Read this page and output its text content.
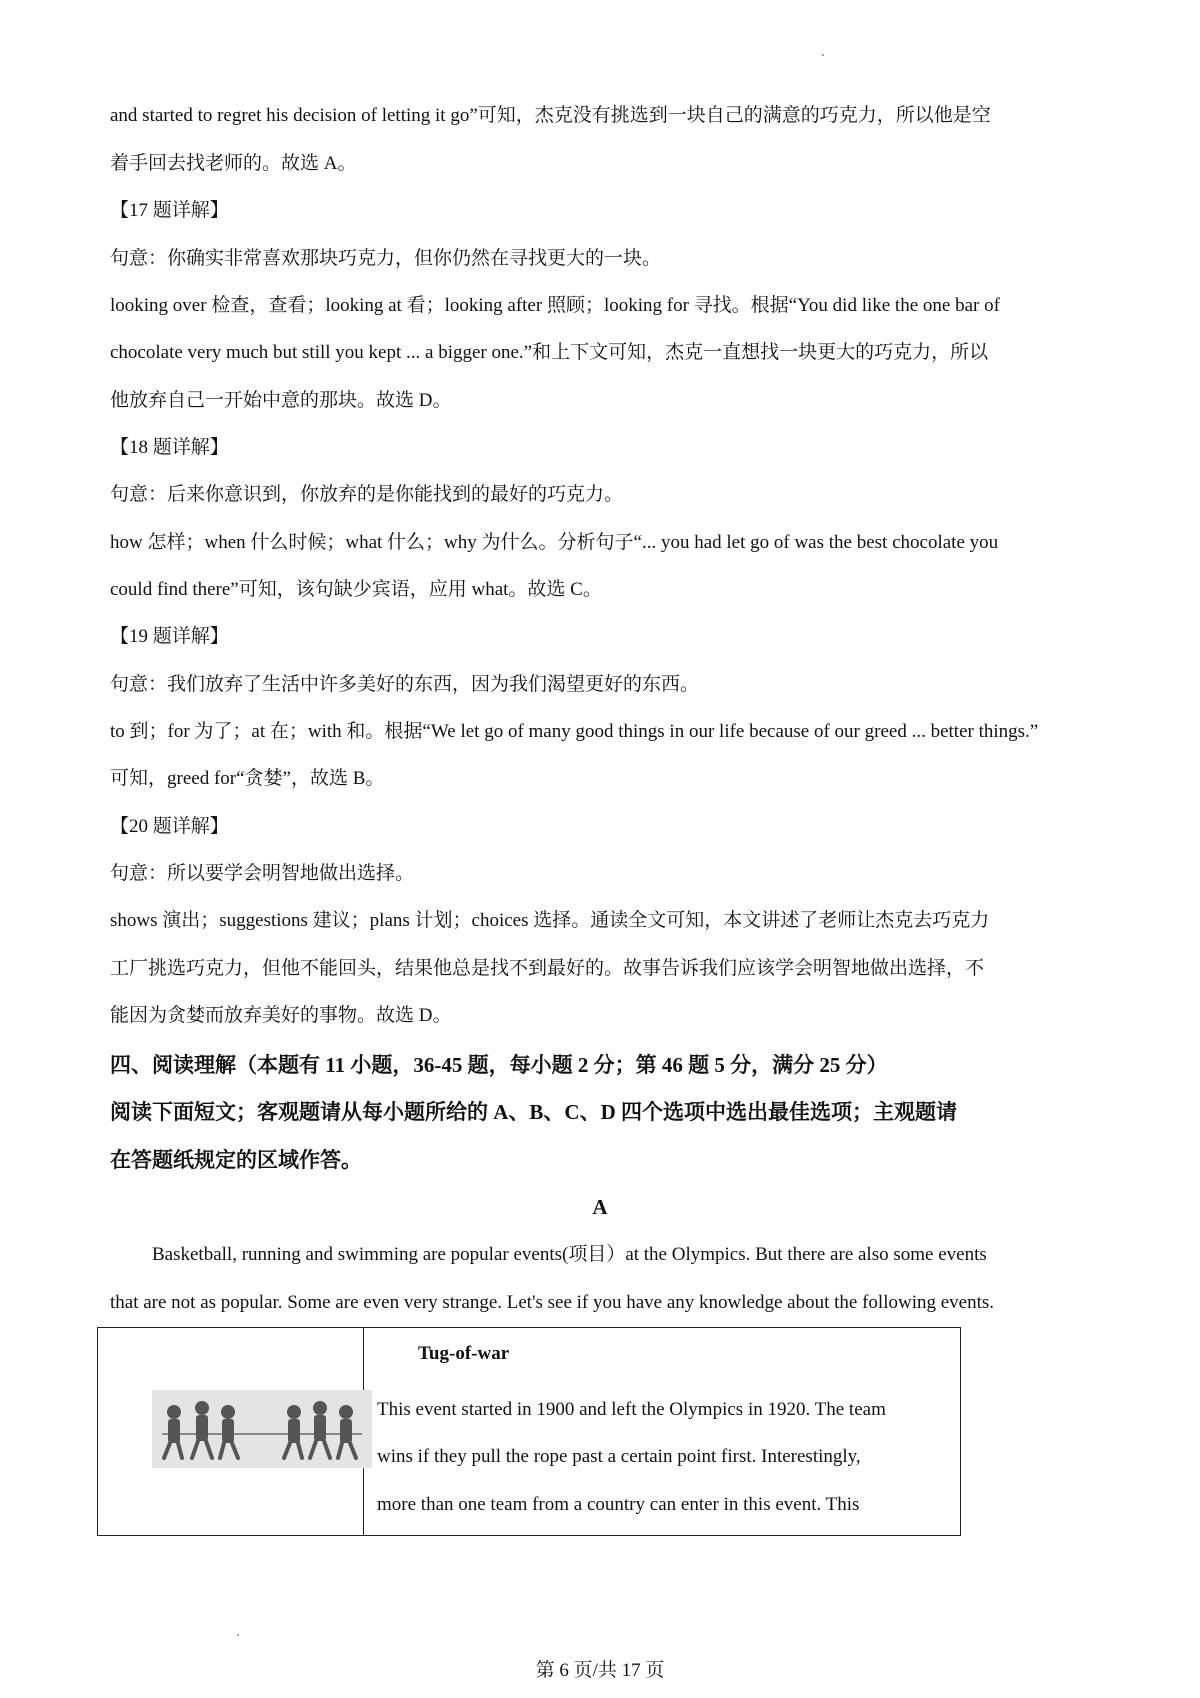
and started to regret his decision of letting it go”可知，杰克没有挑选到一块自己的满意的巧克力，所以他是空
着手回去找老师的。故选 A。
【17 题详解】
句意：你确实非常喜欢那块巧克力，但你仍然在寻找更大的一块。
looking over 检查，查看；looking at 看；looking after 照顾；looking for 寻找。根据“You did like the one bar of
chocolate very much but still you kept ... a bigger one.”和上下文可知，杰克一直想找一块更大的巧克力，所以
他放弃自己一开始中意的那块。故选 D。
【18 题详解】
句意：后来你意识到，你放弃的是你能找到的最好的巧克力。
how 怎样；when 什么时候；what 什么；why 为什么。分析句子“... you had let go of was the best chocolate you
could find there”可知，该句缺少宾语，应用 what。故选 C。
【19 题详解】
句意：我们放弃了生活中许多美好的东西，因为我们渴望更好的东西。
to 到；for 为了；at 在；with 和。根据“We let go of many good things in our life because of our greed ... better things.”
可知，greed for“贪婪”，故选 B。
【20 题详解】
句意：所以要学会明智地做出选择。
shows 演出；suggestions 建议；plans 计划；choices 选择。通读全文可知，本文讲述了老师让杰克去巧克力
工厂挑选巧克力，但他不能回头，结果他总是找不到最好的。故事告诉我们应该学会明智地做出选择，不
能因为贪婪而放弃美好的事物。故选 D。
四、阅读理解（本题有 11 小题，36-45 题，每小题 2 分；第 46 题 5 分，满分 25 分）
阅读下面短文；客观题请从每小题所给的 A、B、C、D 四个选项中选出最佳选项；主观题请
在答题纸规定的区域作答。
A
Basketball, running and swimming are popular events(项目）at the Olympics. But there are also some events
that are not as popular. Some are even very strange. Let's see if you have any knowledge about the following events.
Tug-of-war
This event started in 1900 and left the Olympics in 1920. The team
wins if they pull the rope past a certain point first. Interestingly,
more than one team from a country can enter in this event. This
第 6 页/共 17 页
